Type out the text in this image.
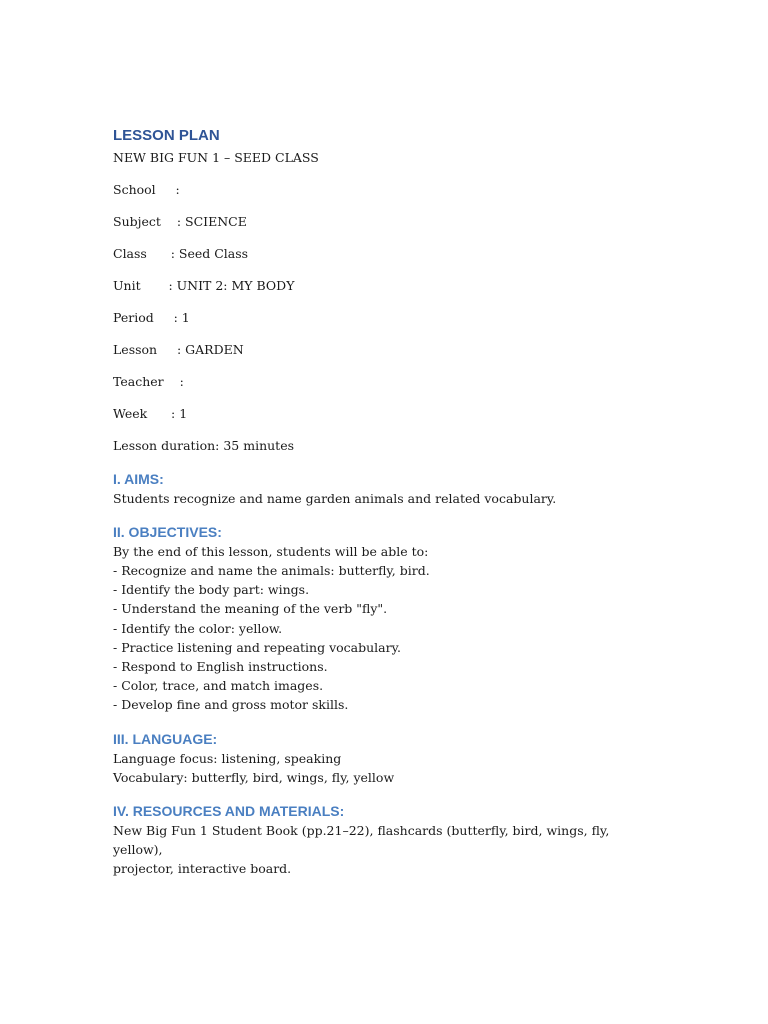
LESSON PLAN

NEW BIG FUN 1 – SEED CLASS

School :
Subject : SCIENCE
Class : Seed Class
Unit : UNIT 2: MY BODY
Period : 1
Lesson : GARDEN
Teacher :
Week : 1
Lesson duration: 35 minutes
I. AIMS:

Students recognize and name garden animals and related vocabulary.

II. OBJECTIVES:

By the end of this lesson, students will be able to:

- Recognize and name the animals: butterfly, bird.
- Identify the body part: wings.
- Understand the meaning of the verb "fly".
- Identify the color: yellow.
- Practice listening and repeating vocabulary.
- Respond to English instructions.
- Color, trace, and match images.
- Develop fine and gross motor skills.
III. LANGUAGE:

Language focus: listening, speaking

Vocabulary: butterfly, bird, wings, fly, yellow

IV. RESOURCES AND MATERIALS:

New Big Fun 1 Student Book (pp.21–22), flashcards (butterfly, bird, wings, fly, yellow),

projector, interactive board.
